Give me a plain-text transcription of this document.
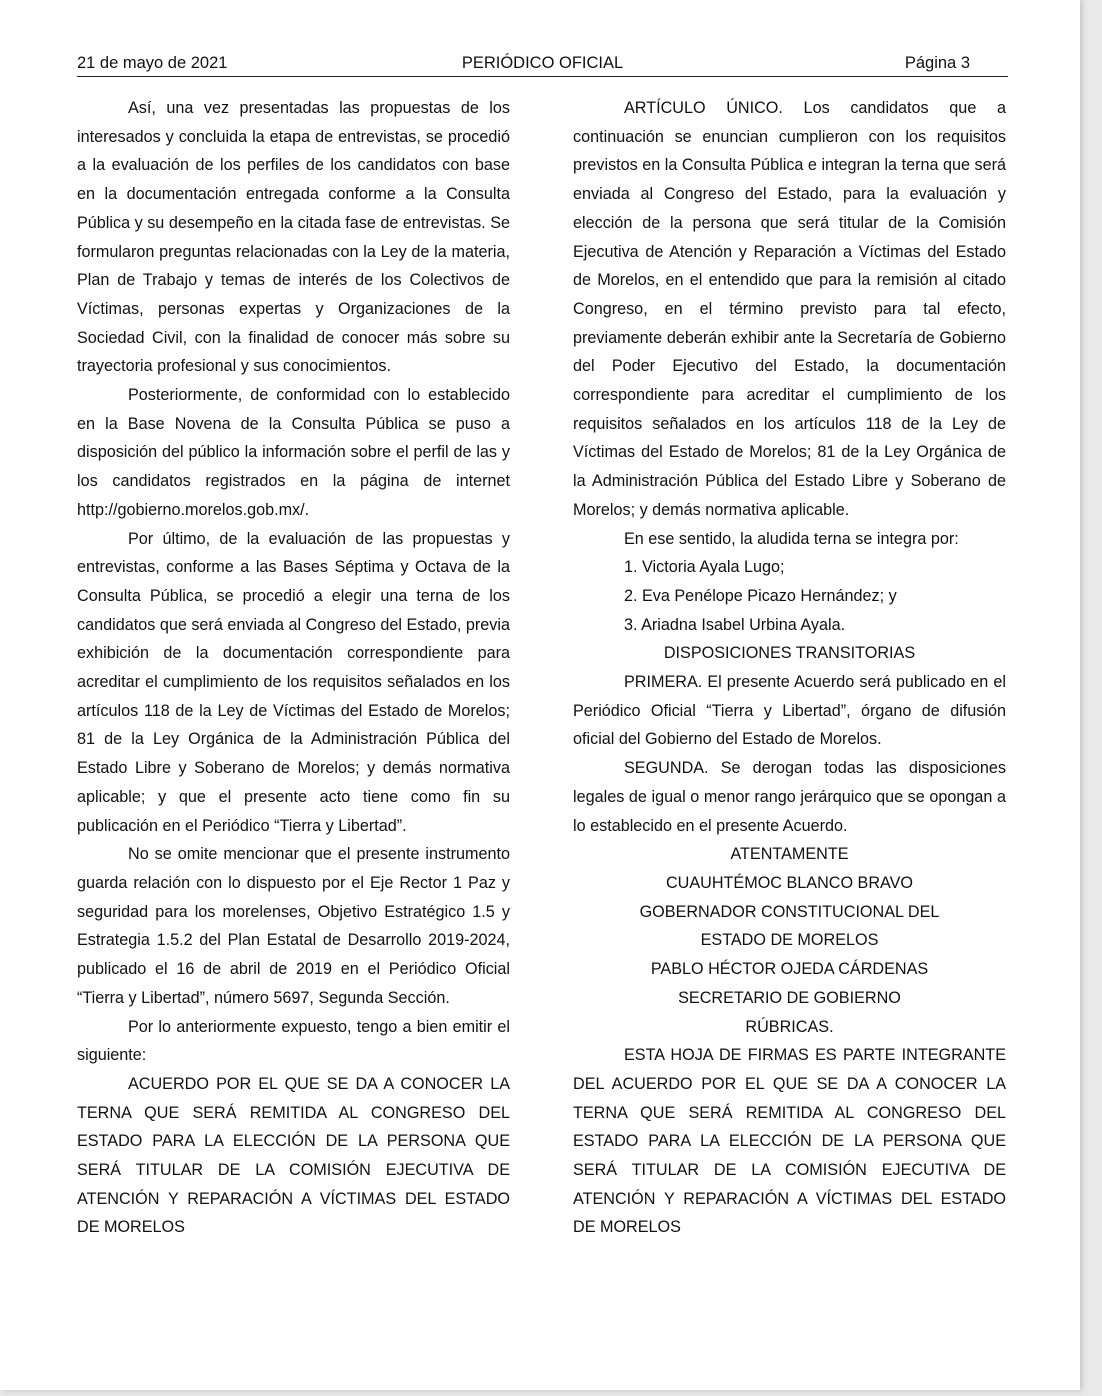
21 de mayo de 2021	PERIÓDICO OFICIAL	Página 3

Así, una vez presentadas las propuestas de los interesados y concluida la etapa de entrevistas, se procedió a la evaluación de los perfiles de los candidatos con base en la documentación entregada conforme a la Consulta Pública y su desempeño en la citada fase de entrevistas. Se formularon preguntas relacionadas con la Ley de la materia, Plan de Trabajo y temas de interés de los Colectivos de Víctimas, personas expertas y Organizaciones de la Sociedad Civil, con la finalidad de conocer más sobre su trayectoria profesional y sus conocimientos.

Posteriormente, de conformidad con lo establecido en la Base Novena de la Consulta Pública se puso a disposición del público la información sobre el perfil de las y los candidatos registrados en la página de internet http://gobierno.morelos.gob.mx/.

Por último, de la evaluación de las propuestas y entrevistas, conforme a las Bases Séptima y Octava de la Consulta Pública, se procedió a elegir una terna de los candidatos que será enviada al Congreso del Estado, previa exhibición de la documentación correspondiente para acreditar el cumplimiento de los requisitos señalados en los artículos 118 de la Ley de Víctimas del Estado de Morelos; 81 de la Ley Orgánica de la Administración Pública del Estado Libre y Soberano de Morelos; y demás normativa aplicable; y que el presente acto tiene como fin su publicación en el Periódico “Tierra y Libertad”.

No se omite mencionar que el presente instrumento guarda relación con lo dispuesto por el Eje Rector 1 Paz y seguridad para los morelenses, Objetivo Estratégico 1.5 y Estrategia 1.5.2 del Plan Estatal de Desarrollo 2019-2024, publicado el 16 de abril de 2019 en el Periódico Oficial “Tierra y Libertad”, número 5697, Segunda Sección.

Por lo anteriormente expuesto, tengo a bien emitir el siguiente:

ACUERDO POR EL QUE SE DA A CONOCER LA TERNA QUE SERÁ REMITIDA AL CONGRESO DEL ESTADO PARA LA ELECCIÓN DE LA PERSONA QUE SERÁ TITULAR DE LA COMISIÓN EJECUTIVA DE ATENCIÓN Y REPARACIÓN A VÍCTIMAS DEL ESTADO DE MORELOS

ARTÍCULO ÚNICO. Los candidatos que a continuación se enuncian cumplieron con los requisitos previstos en la Consulta Pública e integran la terna que será enviada al Congreso del Estado, para la evaluación y elección de la persona que será titular de la Comisión Ejecutiva de Atención y Reparación a Víctimas del Estado de Morelos, en el entendido que para la remisión al citado Congreso, en el término previsto para tal efecto, previamente deberán exhibir ante la Secretaría de Gobierno del Poder Ejecutivo del Estado, la documentación correspondiente para acreditar el cumplimiento de los requisitos señalados en los artículos 118 de la Ley de Víctimas del Estado de Morelos; 81 de la Ley Orgánica de la Administración Pública del Estado Libre y Soberano de Morelos; y demás normativa aplicable.

En ese sentido, la aludida terna se integra por:

1. Victoria Ayala Lugo;

2. Eva Penélope Picazo Hernández; y

3. Ariadna Isabel Urbina Ayala.

DISPOSICIONES TRANSITORIAS

PRIMERA. El presente Acuerdo será publicado en el Periódico Oficial “Tierra y Libertad”, órgano de difusión oficial del Gobierno del Estado de Morelos.

SEGUNDA. Se derogan todas las disposiciones legales de igual o menor rango jerárquico que se opongan a lo establecido en el presente Acuerdo.

ATENTAMENTE

CUAUHTÉMOC BLANCO BRAVO

GOBERNADOR CONSTITUCIONAL DEL

ESTADO DE MORELOS

PABLO HÉCTOR OJEDA CÁRDENAS

SECRETARIO DE GOBIERNO

RÚBRICAS.

ESTA HOJA DE FIRMAS ES PARTE INTEGRANTE DEL ACUERDO POR EL QUE SE DA A CONOCER LA TERNA QUE SERÁ REMITIDA AL CONGRESO DEL ESTADO PARA LA ELECCIÓN DE LA PERSONA QUE SERÁ TITULAR DE LA COMISIÓN EJECUTIVA DE ATENCIÓN Y REPARACIÓN A VÍCTIMAS DEL ESTADO DE MORELOS
